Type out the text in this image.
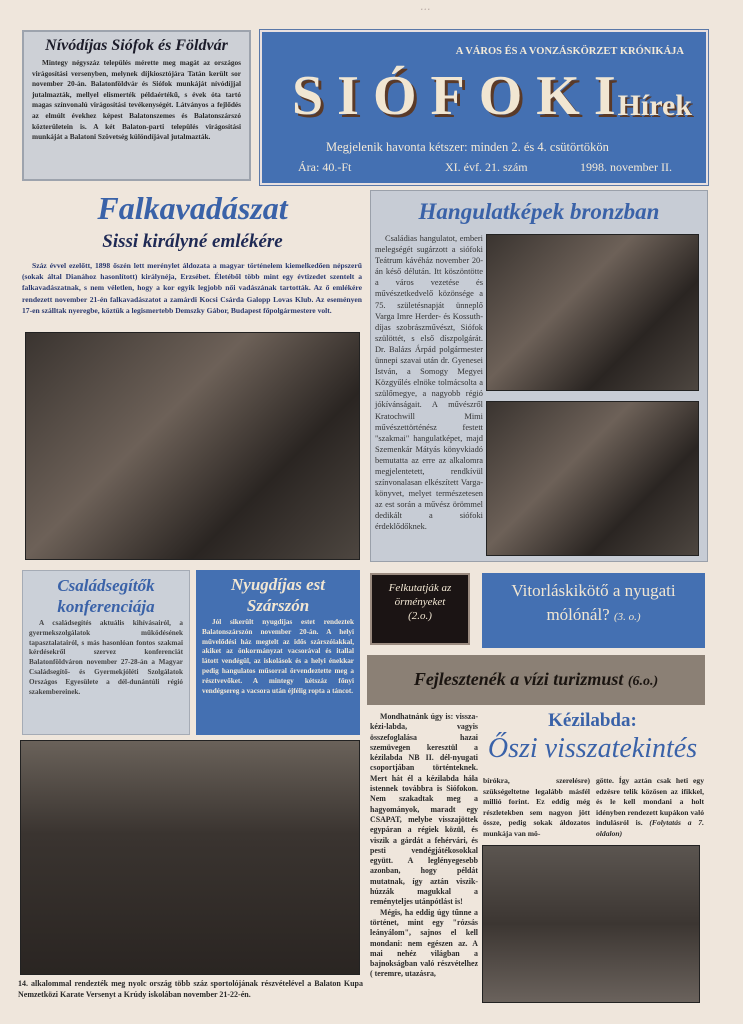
...
Nívódíjas Siófok és Földvár

Mintegy négyszáz település mérette meg magát az országos virágosítási versenyben, melynek díjkiosztójára Tatán került sor november 20-án. Balatonföldvár és Siófok munkáját nívódíjjal jutalmazták, mellyel elismerték példaértékű, s évek óta tartó magas színvonalú virágosítási tevékenységét. Látványos a fejlődés az elmúlt évekhez képest Balatonszemes és Balatonszárszó közterületein is. A két Balaton-parti település virágosítási munkáját a Balatoni Szövetség különdíjával jutalmazták.

A VÁROS ÉS A VONZÁSKÖRZET KRÓNIKÁJA
SIÓFOKI
Hírek
Megjelenik havonta kétszer: minden 2. és 4. csütörtökön
Ára: 40.-Ft	XI. évf. 21. szám	1998. november II.
Falkavadászat
Sissi királyné emlékére

Száz évvel ezelőtt, 1898 őszén lett merénylet áldozata a magyar történelem kiemelkedően népszerű (sokak által Dianához hasonlított) királynéja, Erzsébet. Életéből több mint egy évtizedet szentelt a falkavadászatnak, s nem véletlen, hogy a kor egyik legjobb női vadászának tartották. Az ő emlékére rendezett november 21-én falkavadászatot a zamárdi Kocsi Csárda Galopp Lovas Klub. Az eseményen 17-en szálltak nyeregbe, köztük a legismertebb Demszky Gábor, Budapest főpolgármestere volt.

Hangulatképek bronzban

Családias hangulatot, emberi melegségét sugárzott a siófoki Teátrum kávéház november 20-án késő délután. Itt köszöntötte a város vezetése és művészetkedvelő közönsége a 75. születésnapját ünneplő Varga Imre Herder- és Kossuth-díjas szobrászművészt, Siófok szülöttét, s első díszpolgárát. Dr. Balázs Árpád polgármester ünnepi szavai után dr. Gyenesei István, a Somogy Megyei Közgyűlés elnöke tolmácsolta a szülőmegye, a nagyobb régió jókívánságait. A művészről Kratochwill Mimi művészettörténész festett "szakmai" hangulatképet, majd Szemenkár Mátyás könyvkiadó bemutatta az erre az alkalomra megjelentetett, rendkívül színvonalasan elkészített Varga-könyvet, melyet természetesen az est során a művész örömmel dedikált a siófoki érdeklődőknek.

Családsegítők konferenciája

A családsegítés aktuális kihívásairól, a gyermekszolgálatok működésének tapasztalatairól, s más hasonlóan fontos szakmai kérdésekről szervez konferenciát Balatonföldváron november 27-28-án a Magyar Családsegítő- és Gyermekjóléti Szolgálatok Országos Egyesülete a dél-dunántúli régió szakembereinek.

Nyugdíjas est Szárszón

Jól sikerült nyugdíjas estet rendeztek Balatonszárszón november 20-án. A helyi művelődési ház megtelt az idős szárszóiakkal, akiket az önkormányzat vacsorával és itallal látott vendégül, az iskolások és a helyi énekkar pedig hangulatos műsorral örvendeztette meg a résztvevőket. A mintegy kétszáz főnyi vendégsereg a vacsora után éjfélig ropta a táncot.

14. alkalommal rendezték meg nyolc ország több száz sportolójának részvételével a Balaton Kupa Nemzetközi Karate Versenyt a Krúdy iskolában november 21-22-én.
Felkutatják az örményeket
(2.o.)
Vitorláskikötő a nyugati mólónál? (3. o.)
Fejlesztenék a vízi turizmust (6.o.)

Mondhatnánk úgy is: vissza-kézi-labda, vagyis összefoglalása hazai szemüvegen keresztül a kézilabda NB II. dél-nyugati csoportjában történteknek. Mert hát él a kézilabda hála istennek továbbra is Siófokon. Nem szakadtak meg a hagyományok, maradt egy CSAPAT, melybe visszajöttek egypáran a régiek közül, és viszik a gárdát a fehérvári, és pesti vendégjátékosokkal együtt. A leglényegesebb azonban, hogy példát mutatnak, így aztán viszik-húzzák magukkal a reményteljes utánpótlást is!

Mégis, ha eddig úgy tűnne a történet, mint egy "rózsás leányálom", sajnos el kell mondani: nem egészen az. A mai nehéz világban a bajnokságban való részvételhez ( teremre, utazásra,

Kézilabda:
Őszi visszatekintés
bírókra, szerelésre) szükségeltetne legalább másfél millió forint. Ez eddig még részletekben sem nagyon jött össze, pedig sokak áldozatos munkája van mö-
götte. Így aztán csak heti egy edzésre telik közösen az ifikkel, és le kell mondani a holt idényben rendezett kupákon való indulásról is. (Folytatás a 7. oldalon)
